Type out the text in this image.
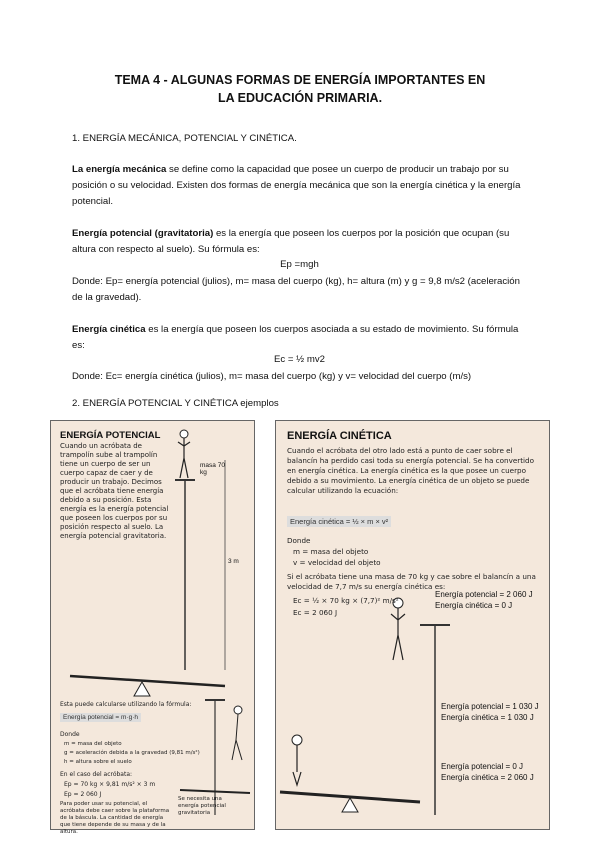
TEMA 4 - ALGUNAS FORMAS DE ENERGÍA IMPORTANTES EN
LA EDUCACIÓN PRIMARIA.
1. ENERGÍA MECÁNICA, POTENCIAL Y CINÉTICA.
La energía mecánica se define como la capacidad que posee un cuerpo de producir un trabajo por su posición o su velocidad. Existen dos formas de energía mecánica que son la energía cinética y la energía potencial.
Energía potencial (gravitatoria) es la energía que poseen los cuerpos por la posición que ocupan (su altura con respecto al suelo). Su fórmula es:
Ep =mgh
Donde: Ep= energía potencial (julios), m= masa del cuerpo (kg), h= altura (m) y g = 9,8 m/s2 (aceleración de la gravedad).
Energía cinética es la energía que poseen los cuerpos asociada a su estado de movimiento. Su fórmula es:
Ec = ½ mv2
Donde: Ec= energía cinética (julios), m= masa del cuerpo (kg) y v= velocidad del cuerpo (m/s)
2. ENERGÍA POTENCIAL Y CINÉTICA ejemplos
ENERGÍA POTENCIAL
Cuando un acróbata de trampolín sube al trampolín tiene un cuerpo de ser un cuerpo capaz de caer y de producir un trabajo. Decimos que el acróbata tiene energía debido a su posición. Esta energía es la energía potencial que poseen los cuerpos por su posición respecto al suelo. La energía potencial gravitatoria.
masa 70 kg
3 m
Esta puede calcularse utilizando la fórmula:
Energía potencial = m·g·h
Donde
m = masa del objeto
g = aceleración debida a la gravedad (9,81 m/s²)
h = altura sobre el suelo
En el caso del acróbata:
Ep = 70 kg × 9,81 m/s² × 3 m
Ep = 2 060 J
Para poder usar su potencial, el acróbata debe caer sobre la plataforma de la báscula. La cantidad de energía que tiene depende de su masa y de la altura.
Se necesita una energía potencial gravitatoria
ENERGÍA CINÉTICA
Cuando el acróbata del otro lado está a punto de caer sobre el balancín ha perdido casi toda su energía potencial. Se ha convertido en energía cinética. La energía cinética es la que posee un cuerpo debido a su movimiento. La energía cinética de un objeto se puede calcular utilizando la ecuación:
Energía cinética = ½ × m × v²
Donde
m = masa del objeto
v = velocidad del objeto
Si el acróbata tiene una masa de 70 kg y cae sobre el balancín a una velocidad de 7,7 m/s su energía cinética es:
Ec = ½ × 70 kg × (7,7)² m/s²
Ec = 2 060 J
Energía potencial = 2 060 J
Energía cinética = 0 J
Energía potencial = 1 030 J
Energía cinética = 1 030 J
Energía potencial = 0 J
Energía cinética = 2 060 J
